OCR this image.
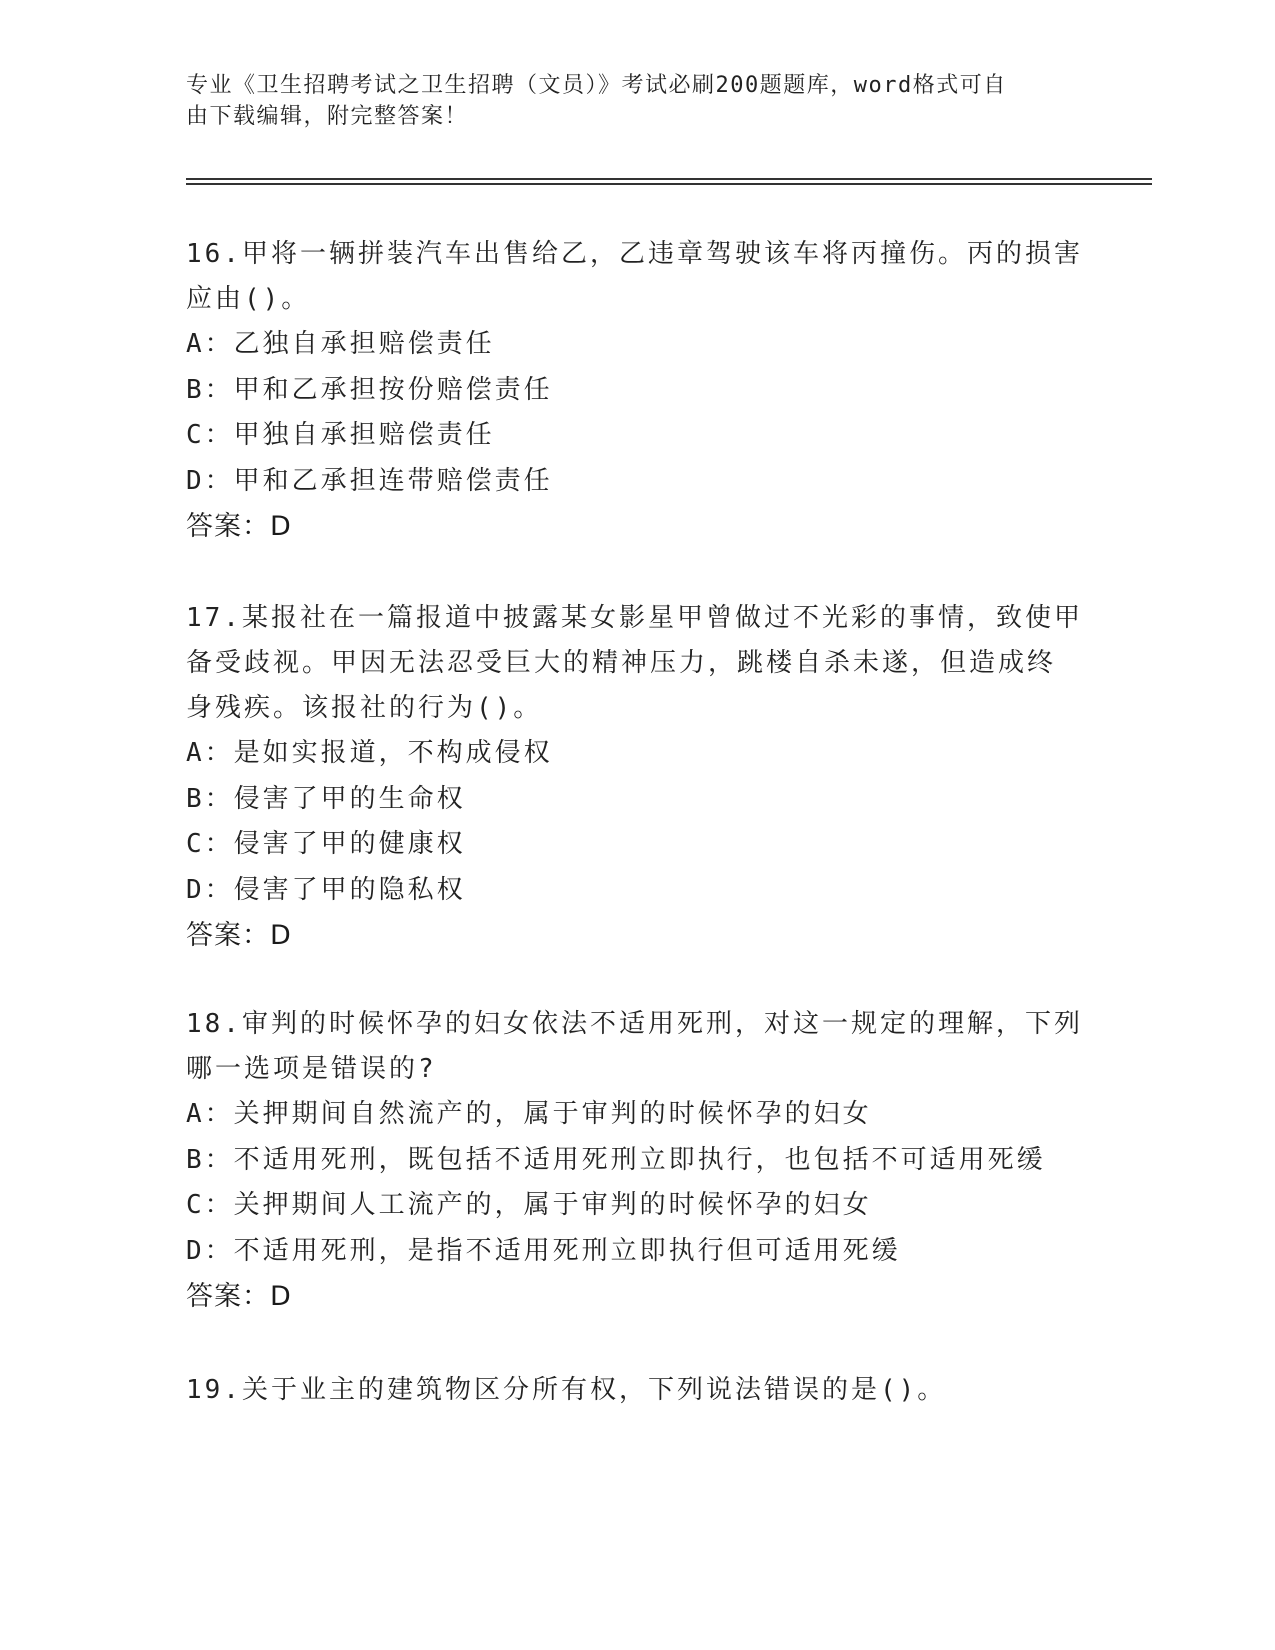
专业《卫生招聘考试之卫生招聘（文员）》考试必刷200题题库，word格式可自
由下载编辑，附完整答案！

16.甲将一辆拼装汽车出售给乙，乙违章驾驶该车将丙撞伤。丙的损害
应由()。

A：乙独自承担赔偿责任

B：甲和乙承担按份赔偿责任

C：甲独自承担赔偿责任

D：甲和乙承担连带赔偿责任

答案：D

17.某报社在一篇报道中披露某女影星甲曾做过不光彩的事情，致使甲
备受歧视。甲因无法忍受巨大的精神压力，跳楼自杀未遂，但造成终
身残疾。该报社的行为()。

A：是如实报道，不构成侵权

B：侵害了甲的生命权

C：侵害了甲的健康权

D：侵害了甲的隐私权

答案：D

18.审判的时候怀孕的妇女依法不适用死刑，对这一规定的理解，下列
哪一选项是错误的?

A：关押期间自然流产的，属于审判的时候怀孕的妇女

B：不适用死刑，既包括不适用死刑立即执行，也包括不可适用死缓

C：关押期间人工流产的，属于审判的时候怀孕的妇女

D：不适用死刑，是指不适用死刑立即执行但可适用死缓

答案：D

19.关于业主的建筑物区分所有权，下列说法错误的是()。
